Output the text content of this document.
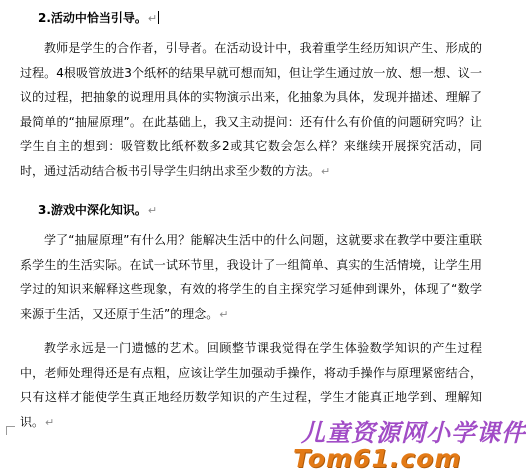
2.活动中恰当引导。↵

教师是学生的合作者，引导者。在活动设计中，我着重学生经历知识产生、形成的过程。4根吸管放进3个纸杯的结果早就可想而知，但让学生通过放一放、想一想、议一议的过程，把抽象的说理用具体的实物演示出来，化抽象为具体，发现并描述、理解了最简单的“抽屉原理”。在此基础上，我又主动提问：还有什么有价值的问题研究吗？让学生自主的想到：吸管数比纸杯数多2或其它数会怎么样？来继续开展探究活动，同时，通过活动结合板书引导学生归纳出求至少数的方法。↵

3.游戏中深化知识。↵

学了“抽屉原理”有什么用？能解决生活中的什么问题，这就要求在教学中要注重联系学生的生活实际。在试一试环节里，我设计了一组简单、真实的生活情境，让学生用学过的知识来解释这些现象，有效的将学生的自主探究学习延伸到课外，体现了“数学来源于生活，又还原于生活”的理念。↵

教学永远是一门遗憾的艺术。回顾整节课我觉得在学生体验数学知识的产生过程中，老师处理得还是有点粗，应该让学生加强动手操作，将动手操作与原理紧密结合，只有这样才能使学生真正地经历数学知识的产生过程，学生才能真正地学到、理解知识。↵	儿童资源网小学课件
Tom61.com
